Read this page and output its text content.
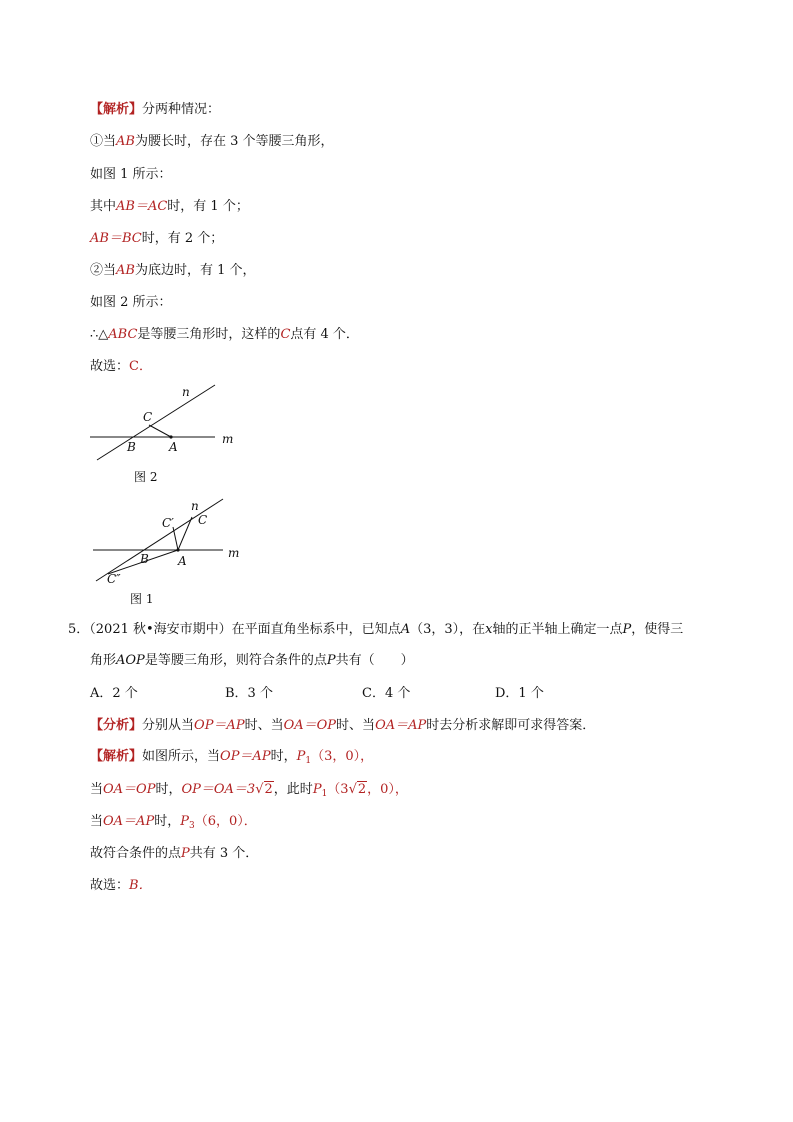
【解析】分两种情况：
①当AB为腰长时，存在 3 个等腰三角形，
如图 1 所示：
其中AB＝AC时，有 1 个；
AB＝BC时，有 2 个；
②当AB为底边时，有 1 个，
如图 2 所示：
∴△ABC是等腰三角形时，这样的C点有 4 个．
故选：C．
n
C
B	A
m
图 2
n
C′ C
B A
m
C″
图 1
5．（2021 秋•海安市期中）在平面直角坐标系中，已知点A（3，3），在x轴的正半轴上确定一点P，使得三
角形AOP是等腰三角形，则符合条件的点P共有（　　）
A．2 个	B．3 个	C．4 个	D．1 个
【分析】分别从当OP＝AP时、当OA＝OP时、当OA＝AP时去分析求解即可求得答案．
【解析】如图所示，当OP＝AP时，$P_1(3$，0），
当OA＝OP时，OP＝OA＝3√2，此时$P_1(3√2$，0），
当OA＝AP时，$P_3(6$，0）．
故符合条件的点P共有 3 个．
故选：B．
